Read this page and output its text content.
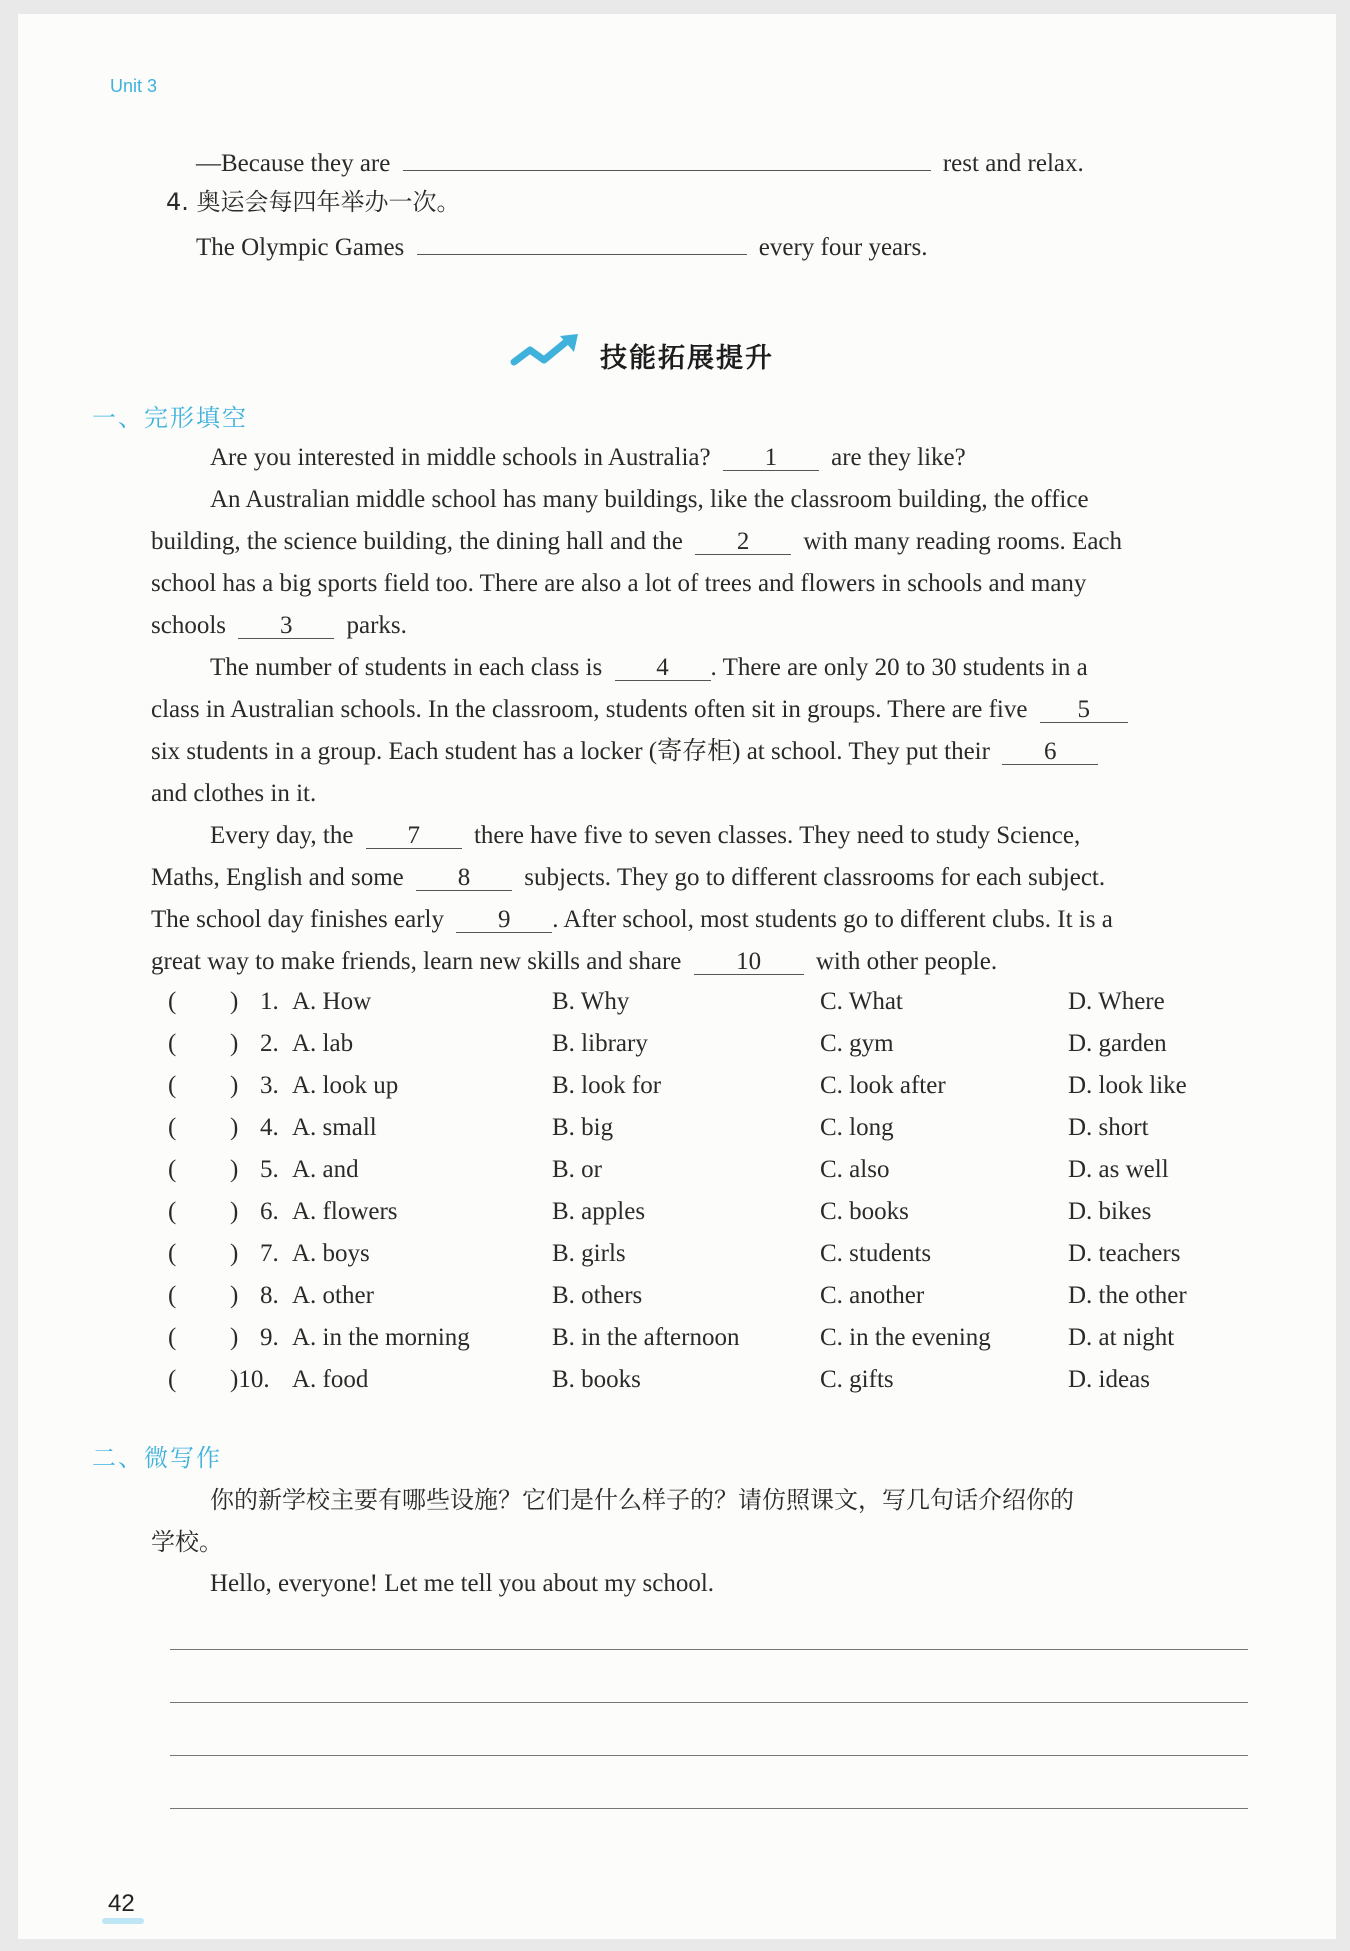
Unit 3
—Because they are	rest and relax.
4. 奥运会每四年举办一次。
The Olympic Games	every four years.
技能拓展提升
一、完形填空
Are you interested in middle schools in Australia? 1 are they like?
An Australian middle school has many buildings, like the classroom building, the office
building, the science building, the dining hall and the 2 with many reading rooms. Each
school has a big sports field too. There are also a lot of trees and flowers in schools and many
schools 3 parks.
The number of students in each class is 4 . There are only 20 to 30 students in a
class in Australian schools. In the classroom, students often sit in groups. There are five 5
six students in a group. Each student has a locker (寄存柜) at school. They put their 6
and clothes in it.
Every day, the 7 there have five to seven classes. They need to study Science,
Maths, English and some 8 subjects. They go to different classrooms for each subject.
The school day finishes early 9 . After school, most students go to different clubs. It is a
great way to make friends, learn new skills and share 10 with other people.
( ) 1. A. How	B. Why	C. What	D. Where
( ) 2. A. lab	B. library	C. gym	D. garden
( ) 3. A. look up	B. look for	C. look after	D. look like
( ) 4. A. small	B. big	C. long	D. short
( ) 5. A. and	B. or	C. also	D. as well
( ) 6. A. flowers	B. apples	C. books	D. bikes
( ) 7. A. boys	B. girls	C. students	D. teachers
( ) 8. A. other	B. others	C. another	D. the other
( ) 9. A. in the morning	B. in the afternoon	C. in the evening	D. at night
( )10. A. food	B. books	C. gifts	D. ideas
二、微写作
你的新学校主要有哪些设施？它们是什么样子的？请仿照课文，写几句话介绍你的
学校。
Hello, everyone! Let me tell you about my school.
42
